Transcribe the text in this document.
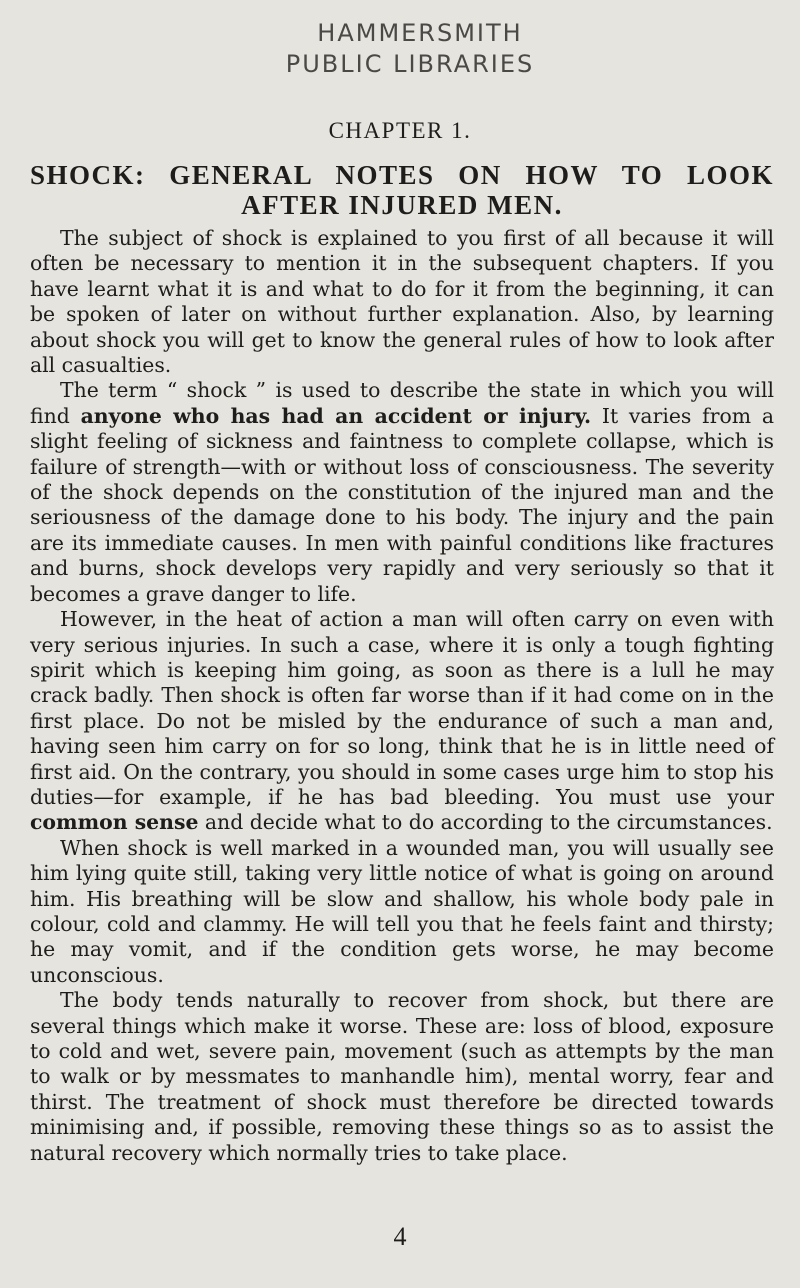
HAMMERSMITH
PUBLIC LIBRARIES
CHAPTER 1.
SHOCK: GENERAL NOTES ON HOW TO LOOK
AFTER INJURED MEN.

The subject of shock is explained to you first of all because it will often be necessary to mention it in the subsequent chapters. If you have learnt what it is and what to do for it from the beginning, it can be spoken of later on without further explanation. Also, by learning about shock you will get to know the general rules of how to look after all casualties.

The term “ shock ” is used to describe the state in which you will find anyone who has had an accident or injury. It varies from a slight feeling of sickness and faintness to complete collapse, which is failure of strength—with or without loss of consciousness. The severity of the shock depends on the constitution of the injured man and the seriousness of the damage done to his body. The injury and the pain are its immediate causes. In men with painful conditions like fractures and burns, shock develops very rapidly and very seriously so that it becomes a grave danger to life.

However, in the heat of action a man will often carry on even with very serious injuries. In such a case, where it is only a tough fighting spirit which is keeping him going, as soon as there is a lull he may crack badly. Then shock is often far worse than if it had come on in the first place. Do not be misled by the endurance of such a man and, having seen him carry on for so long, think that he is in little need of first aid. On the contrary, you should in some cases urge him to stop his duties—for example, if he has bad bleeding. You must use your common sense and decide what to do according to the circumstances.

When shock is well marked in a wounded man, you will usually see him lying quite still, taking very little notice of what is going on around him. His breathing will be slow and shallow, his whole body pale in colour, cold and clammy. He will tell you that he feels faint and thirsty; he may vomit, and if the condition gets worse, he may become unconscious.

The body tends naturally to recover from shock, but there are several things which make it worse. These are: loss of blood, exposure to cold and wet, severe pain, movement (such as attempts by the man to walk or by messmates to manhandle him), mental worry, fear and thirst. The treatment of shock must therefore be directed towards minimising and, if possible, removing these things so as to assist the natural recovery which normally tries to take place.

4
